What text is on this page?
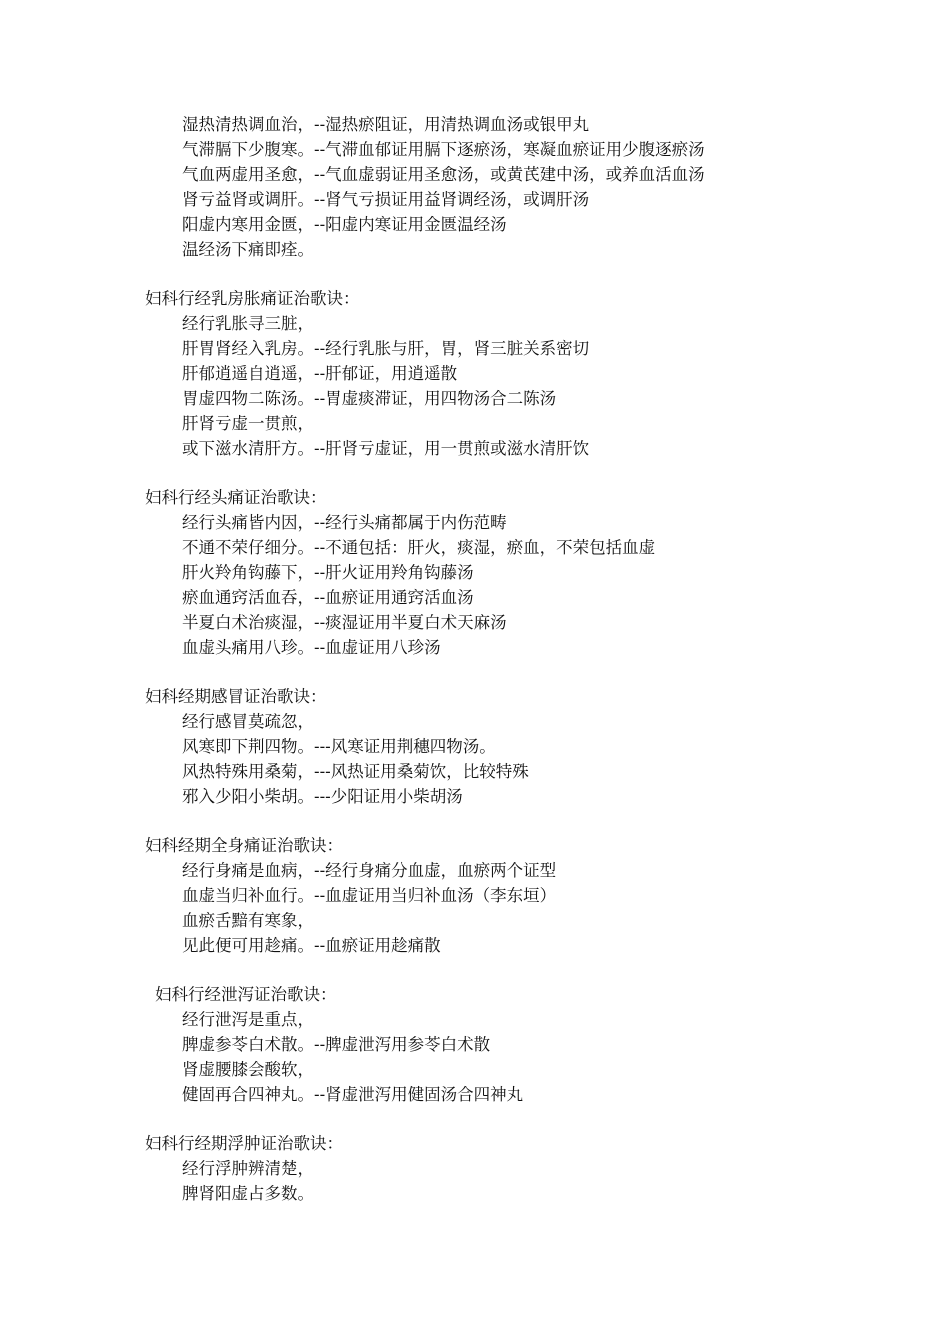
湿热清热调血治，--湿热瘀阻证，用清热调血汤或银甲丸
气滞膈下少腹寒。--气滞血郁证用膈下逐瘀汤，寒凝血瘀证用少腹逐瘀汤
气血两虚用圣愈，--气血虚弱证用圣愈汤，或黄芪建中汤，或养血活血汤
肾亏益肾或调肝。--肾气亏损证用益肾调经汤，或调肝汤
阳虚内寒用金匮，--阳虚内寒证用金匮温经汤
温经汤下痛即痊。
妇科行经乳房胀痛证治歌诀：
经行乳胀寻三脏，
肝胃肾经入乳房。--经行乳胀与肝，胃，肾三脏关系密切
肝郁逍遥自逍遥，--肝郁证，用逍遥散
胃虚四物二陈汤。--胃虚痰滞证，用四物汤合二陈汤
肝肾亏虚一贯煎，
或下滋水清肝方。--肝肾亏虚证，用一贯煎或滋水清肝饮
妇科行经头痛证治歌诀：
经行头痛皆内因，--经行头痛都属于内伤范畴
不通不荣仔细分。--不通包括：肝火，痰湿，瘀血，不荣包括血虚
肝火羚角钩藤下，--肝火证用羚角钩藤汤
瘀血通窍活血吞，--血瘀证用通窍活血汤
半夏白术治痰湿，--痰湿证用半夏白术天麻汤
血虚头痛用八珍。--血虚证用八珍汤
妇科经期感冒证治歌诀：
经行感冒莫疏忽，
风寒即下荆四物。---风寒证用荆穗四物汤。
风热特殊用桑菊，---风热证用桑菊饮，比较特殊
邪入少阳小柴胡。---少阳证用小柴胡汤
妇科经期全身痛证治歌诀：
经行身痛是血病，--经行身痛分血虚，血瘀两个证型
血虚当归补血行。--血虚证用当归补血汤（李东垣）
血瘀舌黯有寒象，
见此便可用趁痛。--血瘀证用趁痛散
妇科行经泄泻证治歌诀：
经行泄泻是重点，
脾虚参苓白术散。--脾虚泄泻用参苓白术散
肾虚腰膝会酸软，
健固再合四神丸。--肾虚泄泻用健固汤合四神丸
妇科行经期浮肿证治歌诀：
经行浮肿辨清楚，
脾肾阳虚占多数。
